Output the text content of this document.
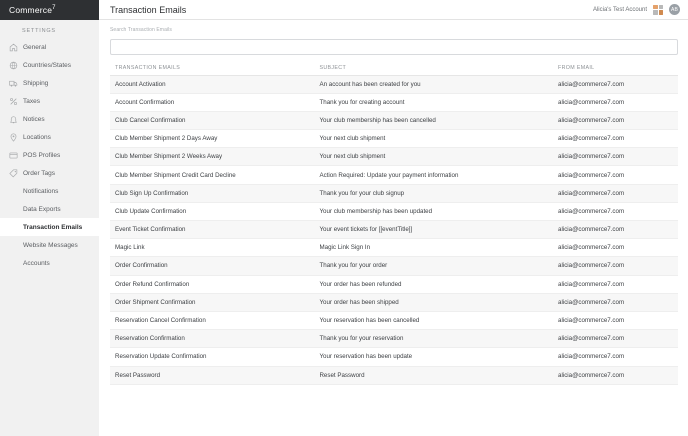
Commerce$^7$
SETTINGS
General
Countries/States
Shipping
Taxes
Notices
Locations
POS Profiles
Order Tags
Notifications
Data Exports
Transaction Emails
Website Messages
Accounts
Transaction Emails	Alicia's Test Account	AB
Search Transaction Emails
TRANSACTION EMAILS	SUBJECT	FROM EMAIL
Account Activation	An account has been created for you	alicia@commerce7.com
Account Confirmation	Thank you for creating account	alicia@commerce7.com
Club Cancel Confirmation	Your club membership has been cancelled	alicia@commerce7.com
Club Member Shipment 2 Days Away	Your next club shipment	alicia@commerce7.com
Club Member Shipment 2 Weeks Away	Your next club shipment	alicia@commerce7.com
Club Member Shipment Credit Card Decline	Action Required: Update your payment information	alicia@commerce7.com
Club Sign Up Confirmation	Thank you for your club signup	alicia@commerce7.com
Club Update Confirmation	Your club membership has been updated	alicia@commerce7.com
Event Ticket Confirmation	Your event tickets for [[eventTitle]]	alicia@commerce7.com
Magic Link	Magic Link Sign In	alicia@commerce7.com
Order Confirmation	Thank you for your order	alicia@commerce7.com
Order Refund Confirmation	Your order has been refunded	alicia@commerce7.com
Order Shipment Confirmation	Your order has been shipped	alicia@commerce7.com
Reservation Cancel Confirmation	Your reservation has been cancelled	alicia@commerce7.com
Reservation Confirmation	Thank you for your reservation	alicia@commerce7.com
Reservation Update Confirmation	Your reservation has been update	alicia@commerce7.com
Reset Password	Reset Password	alicia@commerce7.com
